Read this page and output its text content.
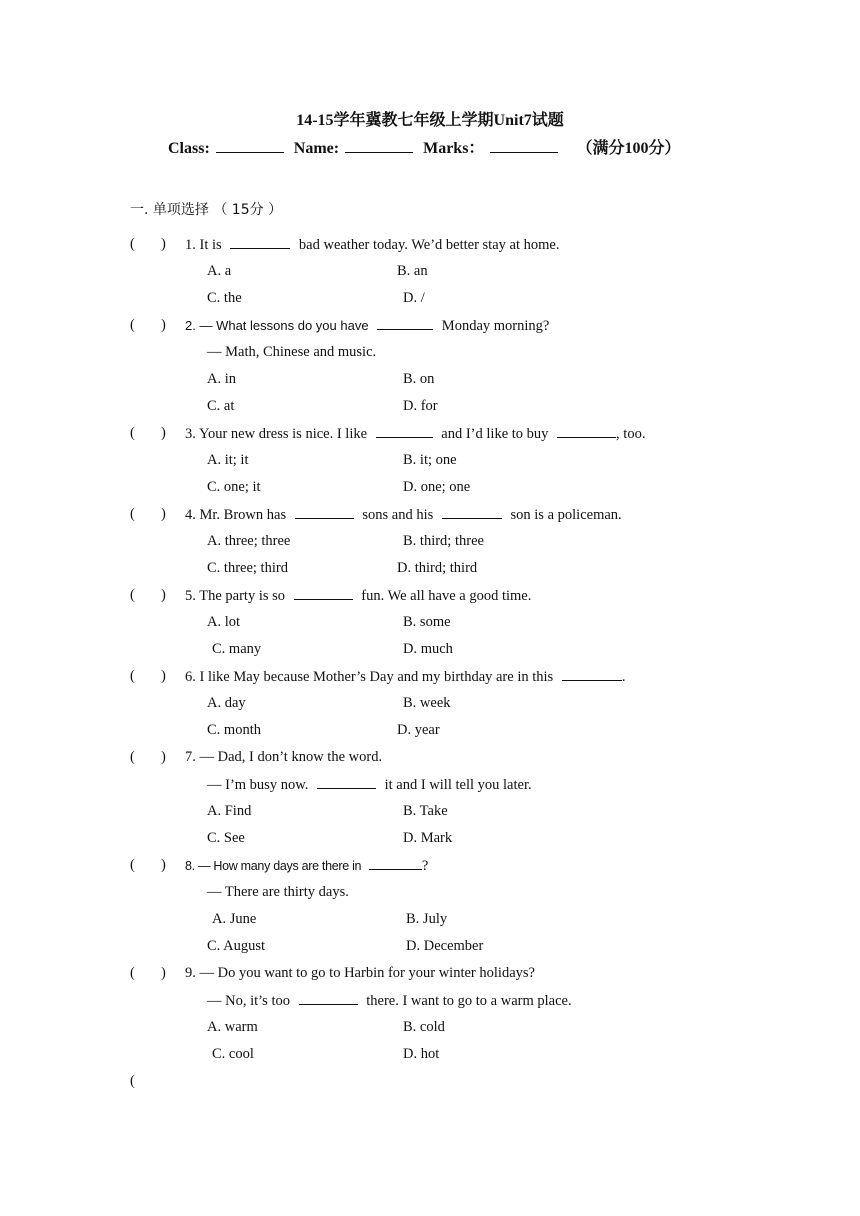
14-15学年冀教七年级上学期Unit7试题
Class:	Name:	Marks：	（满分100分）
一. 单项选择 （ 15分 ）
( ) 1. It is	bad weather today. We’d better stay at home.
A. a	B. an
C. the	D. /
( ) 2. — What lessons do you have	Monday morning?
— Math, Chinese and music.
A. in	B. on
C. at	D. for
( ) 3. Your new dress is nice. I like	and I’d like to buy	, too.
A. it; it	B. it; one
C. one; it	D. one; one
( ) 4. Mr. Brown has	sons and his	son is a policeman.
A. three; three	B. third; three
C. three; third	D. third; third
( ) 5. The party is so	fun. We all have a good time.
A. lot	B. some
C. many	D. much
( ) 6. I like May because Mother’s Day and my birthday are in this	.
A. day	B. week
C. month	D. year
( ) 7. — Dad, I don’t know the word.
— I’m busy now.	it and I will tell you later.
A. Find	B. Take
C. See	D. Mark
( ) 8. — How many days are there in	?
— There are thirty days.
A. June	B. July
C. August	D. December
( ) 9. — Do you want to go to Harbin for your winter holidays?
— No, it’s too	there. I want to go to a warm place.
A. warm	B. cold
C. cool	D. hot
(
